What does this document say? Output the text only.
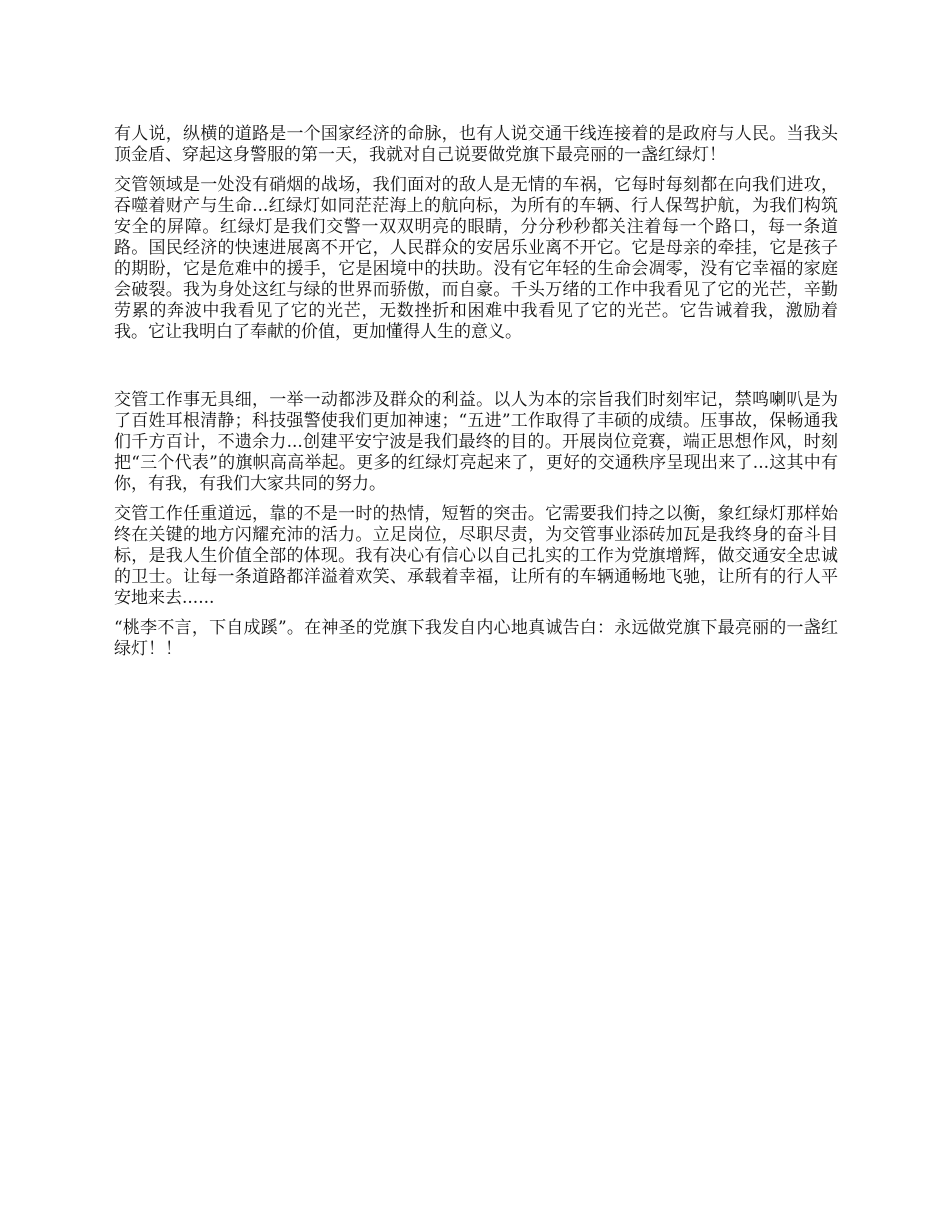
有人说，纵横的道路是一个国家经济的命脉，也有人说交通干线连接着的是政府与人民。当我头顶金盾、穿起这身警服的第一天，我就对自己说要做党旗下最亮丽的一盏红绿灯！

交管领域是一处没有硝烟的战场，我们面对的敌人是无情的车祸，它每时每刻都在向我们进攻，吞噬着财产与生命...红绿灯如同茫茫海上的航向标，为所有的车辆、行人保驾护航，为我们构筑安全的屏障。红绿灯是我们交警一双双明亮的眼睛，分分秒秒都关注着每一个路口，每一条道路。国民经济的快速进展离不开它，人民群众的安居乐业离不开它。它是母亲的牵挂，它是孩子的期盼，它是危难中的援手，它是困境中的扶助。没有它年轻的生命会凋零，没有它幸福的家庭会破裂。我为身处这红与绿的世界而骄傲，而自豪。千头万绪的工作中我看见了它的光芒，辛勤劳累的奔波中我看见了它的光芒，无数挫折和困难中我看见了它的光芒。它告诫着我，激励着我。它让我明白了奉献的价值，更加懂得人生的意义。

交管工作事无具细，一举一动都涉及群众的利益。以人为本的宗旨我们时刻牢记，禁鸣喇叭是为了百姓耳根清静；科技强警使我们更加神速；“五进”工作取得了丰硕的成绩。压事故，保畅通我们千方百计，不遗余力...创建平安宁波是我们最终的目的。开展岗位竞赛，端正思想作风，时刻把“三个代表”的旗帜高高举起。更多的红绿灯亮起来了，更好的交通秩序呈现出来了...这其中有你，有我，有我们大家共同的努力。

交管工作任重道远，靠的不是一时的热情，短暂的突击。它需要我们持之以衡，象红绿灯那样始终在关键的地方闪耀充沛的活力。立足岗位，尽职尽责，为交管事业添砖加瓦是我终身的奋斗目标，是我人生价值全部的体现。我有决心有信心以自己扎实的工作为党旗增辉，做交通安全忠诚的卫士。让每一条道路都洋溢着欢笑、承载着幸福，让所有的车辆通畅地飞驰，让所有的行人平安地来去......

“桃李不言，下自成蹊”。在神圣的党旗下我发自内心地真诚告白：永远做党旗下最亮丽的一盏红绿灯！！
